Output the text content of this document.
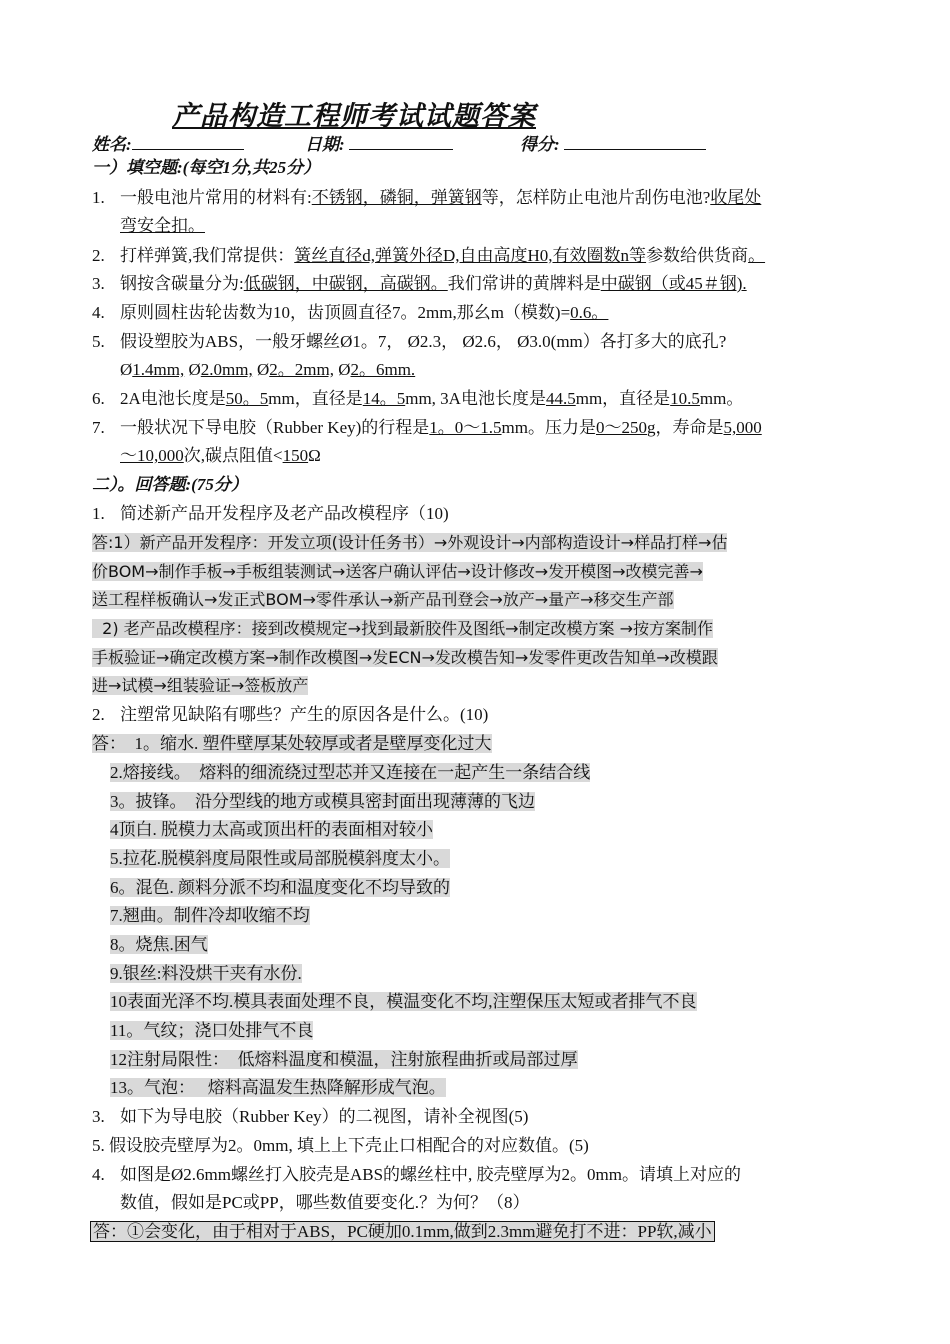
产品构造工程师考试试题答案
姓名:	日期:	得分:
一）填空题:(每空1分,共25分）
1. 一般电池片常用的材料有:不锈钢，磷铜，弹簧钢等，怎样防止电池片刮伤电池?收尾处
弯安全扣。
2. 打样弹簧,我们常提供：簧丝直径d,弹簧外径D,自由高度H0,有效圈数n等参数给供货商。
3. 钢按含碳量分为:低碳钢，中碳钢，高碳钢。我们常讲的黄牌料是中碳钢（或45＃钢).
4. 原则圆柱齿轮齿数为10，齿顶圆直径7。2mm,那幺m（模数)=0.6。
5. 假设塑胶为ABS，一般牙螺丝Ø1。7， Ø2.3， Ø2.6， Ø3.0(mm）各打多大的底孔?
Ø1.4mm, Ø2.0mm, Ø2。2mm, Ø2。6mm.
6. 2A电池长度是50。5mm，直径是14。5mm, 3A电池长度是44.5mm，直径是10.5mm。
7. 一般状况下导电胶（Rubber Key)的行程是1。0～1.5mm。压力是0～250g，寿命是5,000
～10,000次,碳点阻值<150Ω
二）。回答题:(75分）
1. 简述新产品开发程序及老产品改模程序（10)
答:1）新产品开发程序：开发立项(设计任务书）→外观设计→内部构造设计→样品打样→估
价BOM→制作手板→手板组装测试→送客户确认评估→设计修改→发开模图→改模完善→
送工程样板确认→发正式BOM→零件承认→新产品刊登会→放产→量产→移交生产部
2) 老产品改模程序：接到改模规定→找到最新胶件及图纸→制定改模方案 →按方案制作
手板验证→确定改模方案→制作改模图→发ECN→发改模告知→发零件更改告知单→改模跟
进→试模→组装验证→签板放产
2. 注塑常见缺陷有哪些？产生的原因各是什么。(10)
答：  1。缩水. 塑件壁厚某处较厚或者是壁厚变化过大
2.熔接线。  熔料的细流绕过型芯并又连接在一起产生一条结合线
3。披锋。  沿分型线的地方或模具密封面出现薄薄的飞边
4顶白. 脱模力太高或顶出杆的表面相对较小
5.拉花.脱模斜度局限性或局部脱模斜度太小。
6。混色. 颜料分派不均和温度变化不均导致的
7.翘曲。制件冷却收缩不均
8。烧焦.困气
9.银丝:料没烘干夹有水份.
10表面光泽不均.模具表面处理不良，模温变化不均,注塑保压太短或者排气不良
11。气纹；浇口处排气不良
12注射局限性：  低熔料温度和模温，注射旅程曲折或局部过厚
13。气泡：   熔料高温发生热降解形成气泡。
3. 如下为导电胶（Rubber Key）的二视图，请补全视图(5)
5. 假设胶壳壁厚为2。0mm, 填上上下壳止口相配合的对应数值。(5)
4. 如图是Ø2.6mm螺丝打入胶壳是ABS的螺丝柱中, 胶壳壁厚为2。0mm。请填上对应的
数值，假如是PC或PP，哪些数值要变化.？为何？（8）
答：①会变化，由于相对于ABS，PC硬加0.1mm,做到2.3mm避免打不进：PP软,减小
